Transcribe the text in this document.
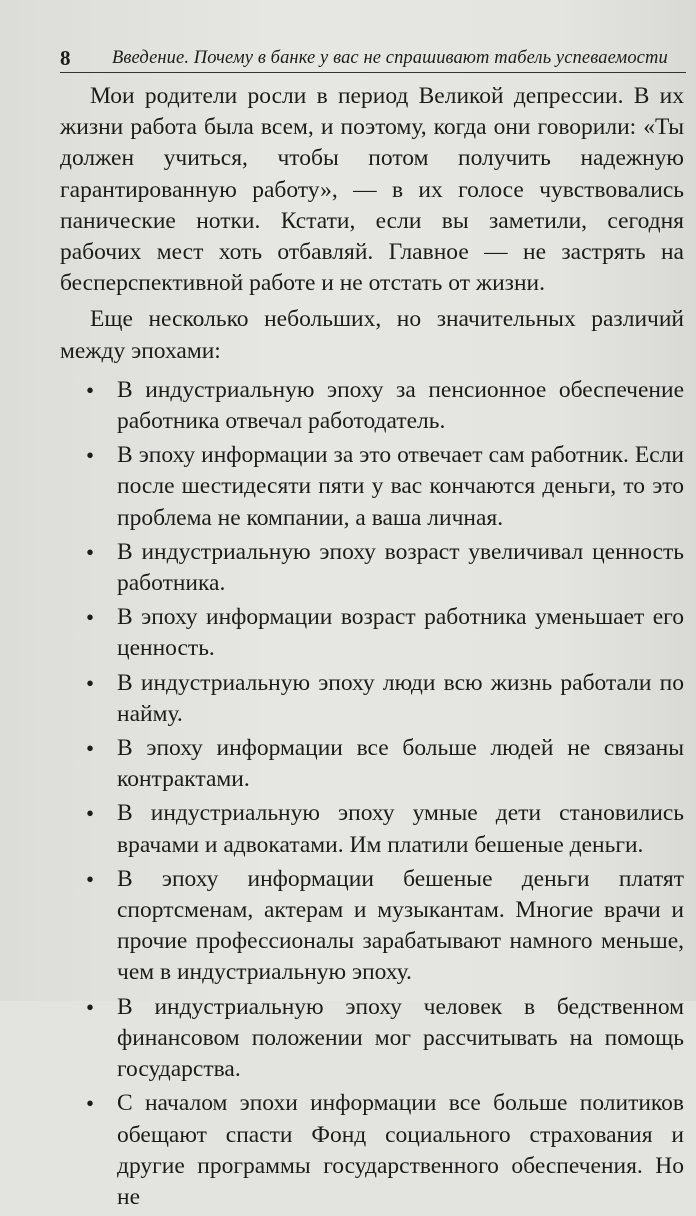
8 Введение. Почему в банке у вас не спрашивают табель успеваемости

Мои родители росли в период Великой депрессии. В их жизни работа была всем, и поэтому, когда они говорили: «Ты должен учиться, чтобы потом получить надежную гарантированную работу», — в их голосе чувствовались панические нотки. Кстати, если вы заметили, сегодня рабочих мест хоть отбавляй. Главное — не застрять на бесперспективной работе и не отстать от жизни.

Еще несколько небольших, но значительных различий между эпохами:

• В индустриальную эпоху за пенсионное обеспечение работника отвечал работодатель.
• В эпоху информации за это отвечает сам работник. Если после шестидесяти пяти у вас кончаются деньги, то это проблема не компании, а ваша личная.
• В индустриальную эпоху возраст увеличивал ценность работника.
• В эпоху информации возраст работника уменьшает его ценность.
• В индустриальную эпоху люди всю жизнь работали по найму.
• В эпоху информации все больше людей не связаны контрактами.
• В индустриальную эпоху умные дети становились врачами и адвокатами. Им платили бешеные деньги.
• В эпоху информации бешеные деньги платят спортсменам, актерам и музыкантам. Многие врачи и прочие профессионалы зарабатывают намного меньше, чем в индустриальную эпоху.
• В индустриальную эпоху человек в бедственном финансовом положении мог рассчитывать на помощь государства.
• С началом эпохи информации все больше политиков обещают спасти Фонд социального страхования и другие программы государственного обеспечения. Но не
